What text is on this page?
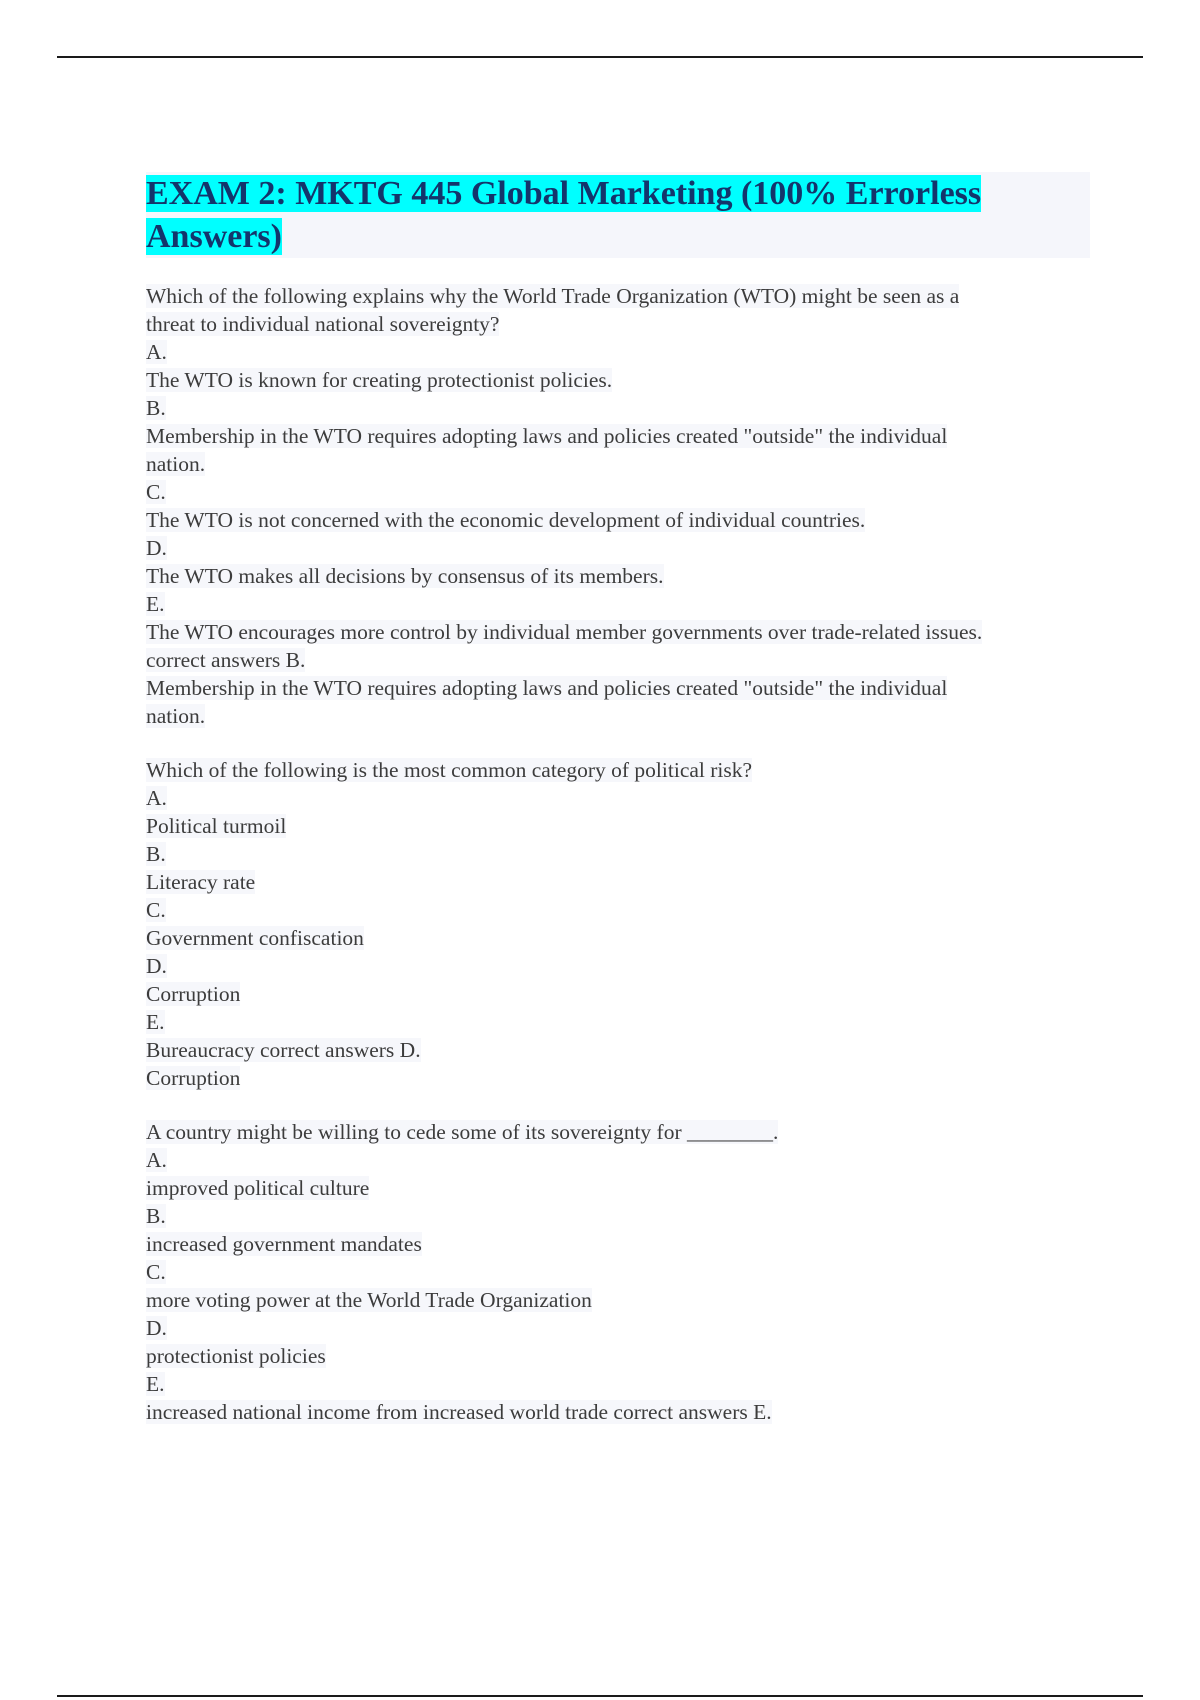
EXAM 2: MKTG 445 Global Marketing (100% Errorless Answers)
Which of the following explains why the World Trade Organization (WTO) might be seen as a
threat to individual national sovereignty?
A.
The WTO is known for creating protectionist policies.
B.
Membership in the WTO requires adopting laws and policies created "outside" the individual
nation.
C.
The WTO is not concerned with the economic development of individual countries.
D.
The WTO makes all decisions by consensus of its members.
E.
The WTO encourages more control by individual member governments over trade-related issues.
correct answers B.
Membership in the WTO requires adopting laws and policies created "outside" the individual
nation.
Which of the following is the most common category of political risk?
A.
Political turmoil
B.
Literacy rate
C.
Government confiscation
D.
Corruption
E.
Bureaucracy correct answers D.
Corruption
A country might be willing to cede some of its sovereignty for ________.
A.
improved political culture
B.
increased government mandates
C.
more voting power at the World Trade Organization
D.
protectionist policies
E.
increased national income from increased world trade correct answers E.
